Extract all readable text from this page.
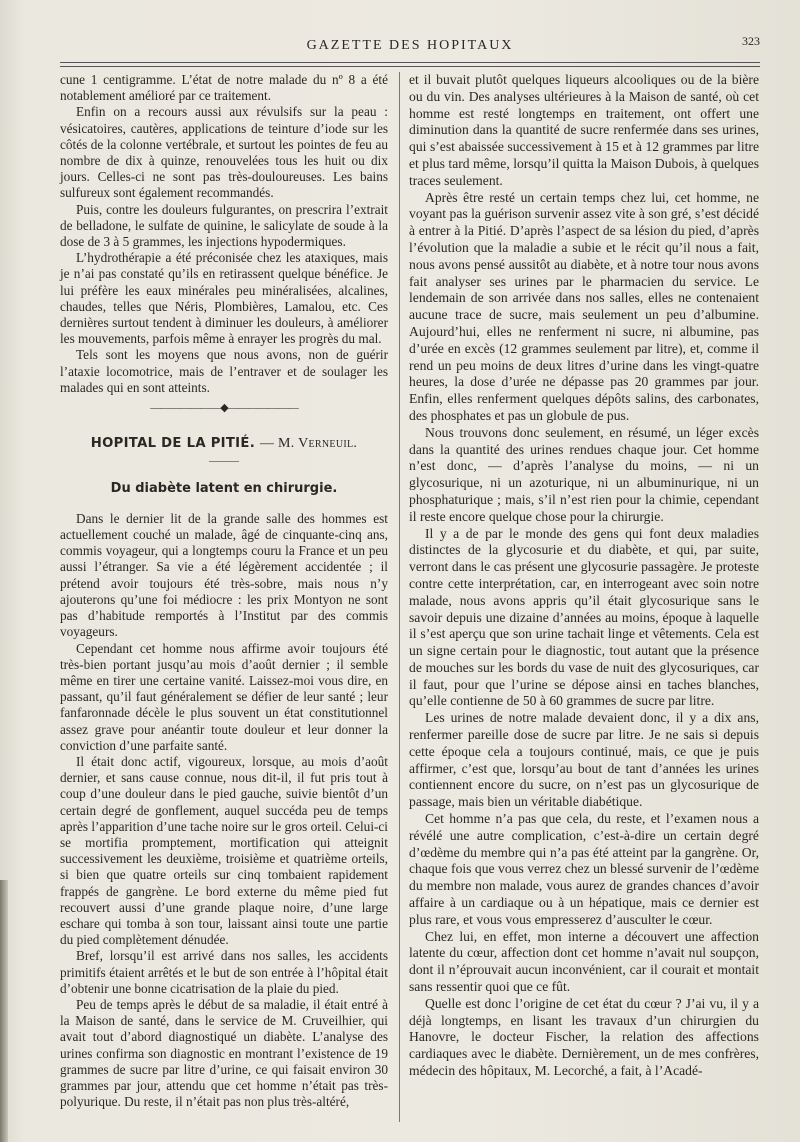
GAZETTE DES HOPITAUX	323

cune 1 centigramme. L’état de notre malade du nº 8 a été notablement amélioré par ce traitement.

Enfin on a recours aussi aux révulsifs sur la peau : vésicatoires, cautères, applications de teinture d’iode sur les côtés de la colonne vertébrale, et surtout les pointes de feu au nombre de dix à quinze, renouvelées tous les huit ou dix jours. Celles-ci ne sont pas très-douloureuses. Les bains sulfureux sont également recommandés.

Puis, contre les douleurs fulgurantes, on prescrira l’extrait de belladone, le sulfate de quinine, le salicylate de soude à la dose de 3 à 5 grammes, les injections hypodermiques.

L’hydrothérapie a été préconisée chez les ataxiques, mais je n’ai pas constaté qu’ils en retirassent quelque bénéfice. Je lui préfère les eaux minérales peu minéralisées, alcalines, chaudes, telles que Néris, Plombières, Lamalou, etc. Ces dernières surtout tendent à diminuer les douleurs, à améliorer les mouvements, parfois même à enrayer les progrès du mal.

Tels sont les moyens que nous avons, non de guérir l’ataxie locomotrice, mais de l’entraver et de soulager les malades qui en sont atteints.

———————◆———————
HOPITAL DE LA PITIÉ. — M. Verneuil.
———
Du diabète latent en chirurgie.

Dans le dernier lit de la grande salle des hommes est actuellement couché un malade, âgé de cinquante-cinq ans, commis voyageur, qui a longtemps couru la France et un peu aussi l’étranger. Sa vie a été légèrement accidentée ; il prétend avoir toujours été très-sobre, mais nous n’y ajouterons qu’une foi médiocre : les prix Montyon ne sont pas d’habitude remportés à l’Institut par des commis voyageurs.

Cependant cet homme nous affirme avoir toujours été très-bien portant jusqu’au mois d’août dernier ; il semble même en tirer une certaine vanité. Laissez-moi vous dire, en passant, qu’il faut généralement se défier de leur santé ; leur fanfaronnade décèle le plus souvent un état constitutionnel assez grave pour anéantir toute douleur et leur donner la conviction d’une parfaite santé.

Il était donc actif, vigoureux, lorsque, au mois d’août dernier, et sans cause connue, nous dit-il, il fut pris tout à coup d’une douleur dans le pied gauche, suivie bientôt d’un certain degré de gonflement, auquel succéda peu de temps après l’apparition d’une tache noire sur le gros orteil. Celui-ci se mortifia promptement, mortification qui atteignit successivement les deuxième, troisième et quatrième orteils, si bien que quatre orteils sur cinq tombaient rapidement frappés de gangrène. Le bord externe du même pied fut recouvert aussi d’une grande plaque noire, d’une large eschare qui tomba à son tour, laissant ainsi toute une partie du pied complètement dénudée.

Bref, lorsqu’il est arrivé dans nos salles, les accidents primitifs étaient arrêtés et le but de son entrée à l’hôpital était d’obtenir une bonne cicatrisation de la plaie du pied.

Peu de temps après le début de sa maladie, il était entré à la Maison de santé, dans le service de M. Cruveilhier, qui avait tout d’abord diagnostiqué un diabète. L’analyse des urines confirma son diagnostic en montrant l’existence de 19 grammes de sucre par litre d’urine, ce qui faisait environ 30 grammes par jour, attendu que cet homme n’était pas très-polyurique. Du reste, il n’était pas non plus très-altéré,

et il buvait plutôt quelques liqueurs alcooliques ou de la bière ou du vin. Des analyses ultérieures à la Maison de santé, où cet homme est resté longtemps en traitement, ont offert une diminution dans la quantité de sucre renfermée dans ses urines, qui s’est abaissée successivement à 15 et à 12 grammes par litre et plus tard même, lorsqu’il quitta la Maison Dubois, à quelques traces seulement.

Après être resté un certain temps chez lui, cet homme, ne voyant pas la guérison survenir assez vite à son gré, s’est décidé à entrer à la Pitié. D’après l’aspect de sa lésion du pied, d’après l’évolution que la maladie a subie et le récit qu’il nous a fait, nous avons pensé aussitôt au diabète, et à notre tour nous avons fait analyser ses urines par le pharmacien du service. Le lendemain de son arrivée dans nos salles, elles ne contenaient aucune trace de sucre, mais seulement un peu d’albumine. Aujourd’hui, elles ne renferment ni sucre, ni albumine, pas d’urée en excès (12 grammes seulement par litre), et, comme il rend un peu moins de deux litres d’urine dans les vingt-quatre heures, la dose d’urée ne dépasse pas 20 grammes par jour. Enfin, elles renferment quelques dépôts salins, des carbonates, des phosphates et pas un globule de pus.

Nous trouvons donc seulement, en résumé, un léger excès dans la quantité des urines rendues chaque jour. Cet homme n’est donc, — d’après l’analyse du moins, — ni un glycosurique, ni un azoturique, ni un albuminurique, ni un phosphaturique ; mais, s’il n’est rien pour la chimie, cependant il reste encore quelque chose pour la chirurgie.

Il y a de par le monde des gens qui font deux maladies distinctes de la glycosurie et du diabète, et qui, par suite, verront dans le cas présent une glycosurie passagère. Je proteste contre cette interprétation, car, en interrogeant avec soin notre malade, nous avons appris qu’il était glycosurique sans le savoir depuis une dizaine d’années au moins, époque à laquelle il s’est aperçu que son urine tachait linge et vêtements. Cela est un signe certain pour le diagnostic, tout autant que la présence de mouches sur les bords du vase de nuit des glycosuriques, car il faut, pour que l’urine se dépose ainsi en taches blanches, qu’elle contienne de 50 à 60 grammes de sucre par litre.

Les urines de notre malade devaient donc, il y a dix ans, renfermer pareille dose de sucre par litre. Je ne sais si depuis cette époque cela a toujours continué, mais, ce que je puis affirmer, c’est que, lorsqu’au bout de tant d’années les urines contiennent encore du sucre, on n’est pas un glycosurique de passage, mais bien un véritable diabétique.

Cet homme n’a pas que cela, du reste, et l’examen nous a révélé une autre complication, c’est-à-dire un certain degré d’œdème du membre qui n’a pas été atteint par la gangrène. Or, chaque fois que vous verrez chez un blessé survenir de l’œdème du membre non malade, vous aurez de grandes chances d’avoir affaire à un cardiaque ou à un hépatique, mais ce dernier est plus rare, et vous vous empresserez d’ausculter le cœur.

Chez lui, en effet, mon interne a découvert une affection latente du cœur, affection dont cet homme n’avait nul soupçon, dont il n’éprouvait aucun inconvénient, car il courait et montait sans ressentir quoi que ce fût.

Quelle est donc l’origine de cet état du cœur ? J’ai vu, il y a déjà longtemps, en lisant les travaux d’un chirurgien du Hanovre, le docteur Fischer, la relation des affections cardiaques avec le diabète. Dernièrement, un de mes confrères, médecin des hôpitaux, M. Lecorché, a fait, à l’Acadé-
